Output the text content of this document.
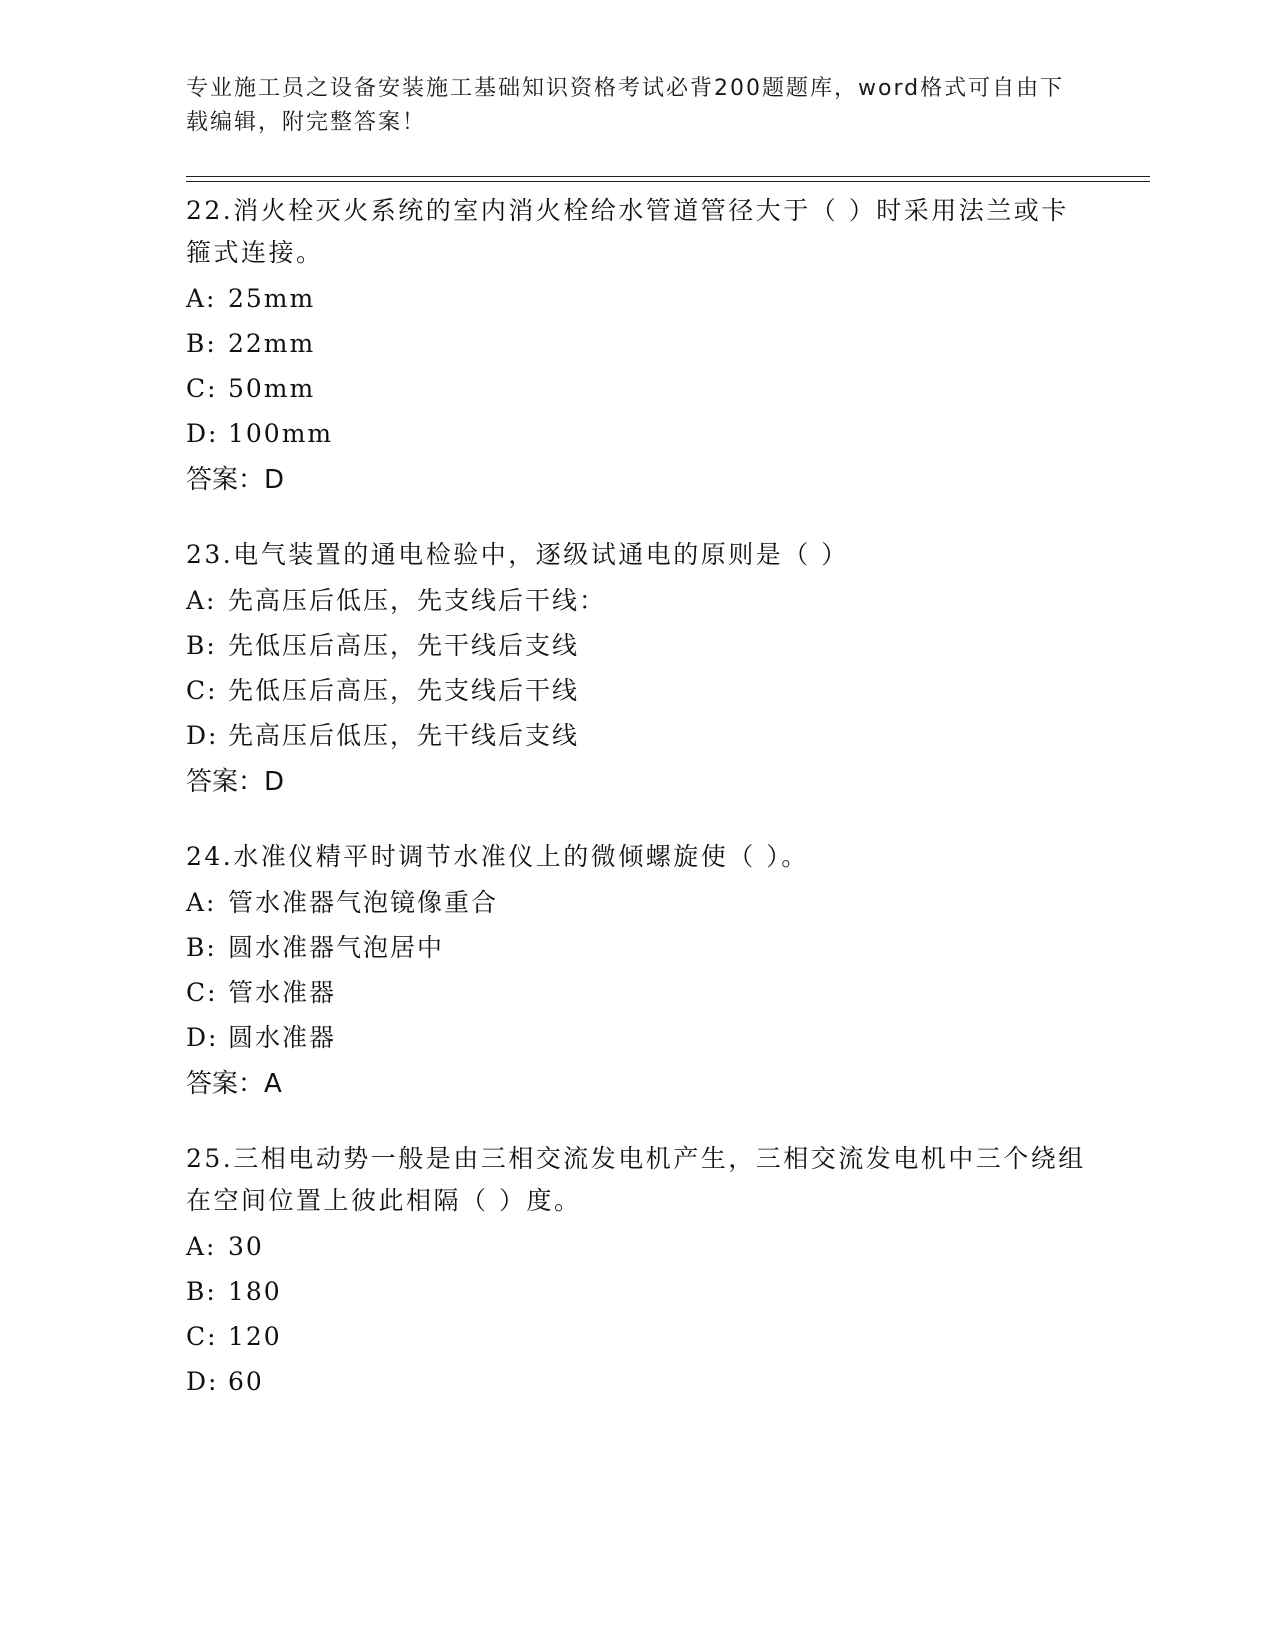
专业施工员之设备安装施工基础知识资格考试必背200题题库，word格式可自由下载编辑，附完整答案！
22.消火栓灭火系统的室内消火栓给水管道管径大于（ ）时采用法兰或卡箍式连接。
A: 25mm
B: 22mm
C: 50mm
D: 100mm
答案：D
23.电气装置的通电检验中，逐级试通电的原则是（ ）
A: 先高压后低压，先支线后干线：
B: 先低压后高压，先干线后支线
C: 先低压后高压，先支线后干线
D: 先高压后低压，先干线后支线
答案：D
24.水准仪精平时调节水准仪上的微倾螺旋使（ ）。
A: 管水准器气泡镜像重合
B: 圆水准器气泡居中
C: 管水准器
D: 圆水准器
答案：A
25.三相电动势一般是由三相交流发电机产生，三相交流发电机中三个绕组在空间位置上彼此相隔（ ）度。
A: 30
B: 180
C: 120
D: 60
